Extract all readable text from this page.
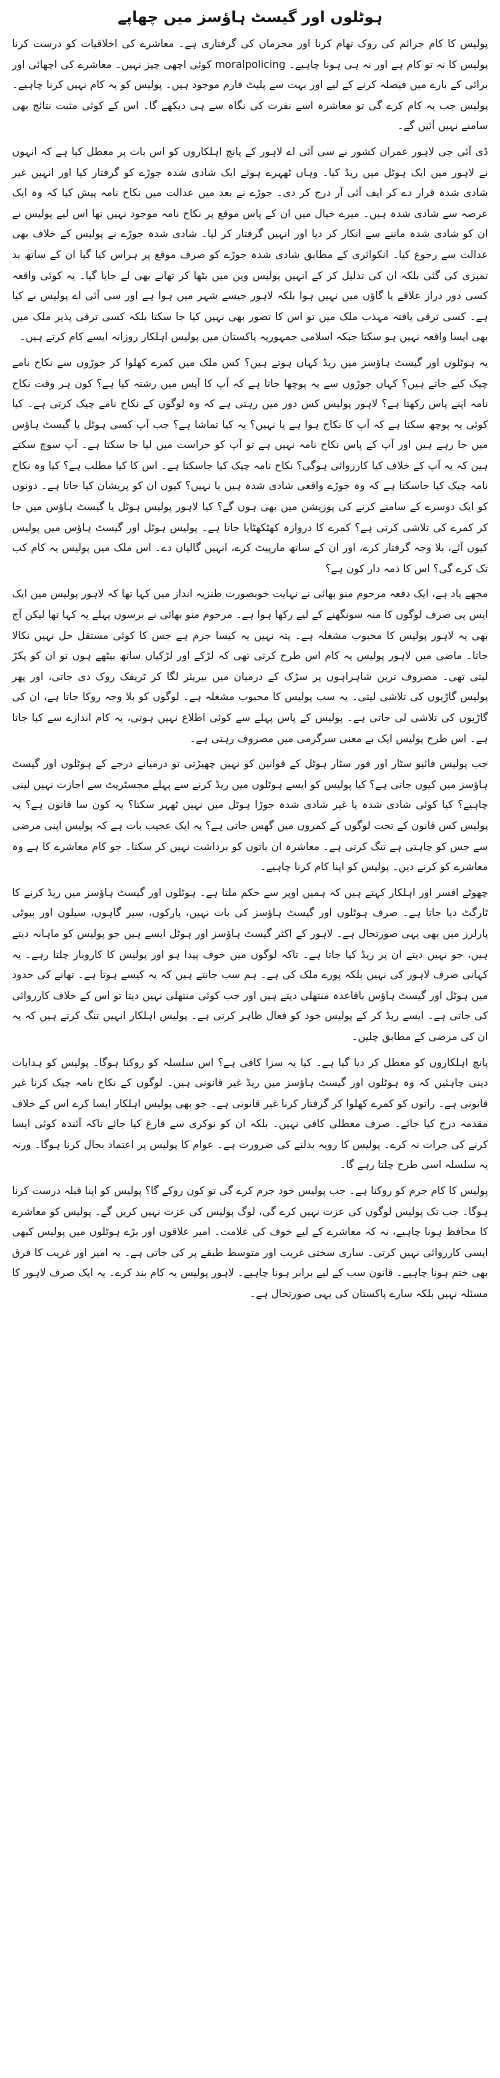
ہوٹلوں اور گیسٹ ہاؤسز میں چھاپے

پولیس کا کام جرائم کی روک تھام کرنا اور مجرمان کی گرفتاری ہے۔ معاشرے کی اخلاقیات کو درست کرنا پولیس کا نہ تو کام ہے اور نہ ہی ہونا چاہیے۔ moralpolicing کوئی اچھی چیز نہیں۔ معاشرے کی اچھائی اور برائی کے بارے میں فیصلہ کرنے کے لیے اور بہت سے پلیٹ فارم موجود ہیں۔ پولیس کو یہ کام نہیں کرنا چاہیے۔ پولیس جب یہ کام کرے گی تو معاشرہ اسے نفرت کی نگاہ سے ہی دیکھے گا۔ اس کے کوئی مثبت نتائج بھی سامنے نہیں آئیں گے۔

ڈی آئی جی لاہور عمران کشور نے سی آئی اے لاہور کے پانچ اہلکاروں کو اس بات پر معطل کیا ہے کہ انہوں نے لاہور میں ایک ہوٹل میں ریڈ کیا۔ وہاں ٹھہرے ہوئے ایک شادی شدہ جوڑے کو گرفتار کیا اور انہیں غیر شادی شدہ قرار دے کر ایف آئی آر درج کر دی۔ جوڑے نے بعد میں عدالت میں نکاح نامہ پیش کیا کہ وہ ایک عرصہ سے شادی شدہ ہیں۔ میرے خیال میں ان کے پاس موقع پر نکاح نامہ موجود نہیں تھا اس لیے پولیس نے ان کو شادی شدہ ماننے سے انکار کر دیا اور انہیں گرفتار کر لیا۔ شادی شدہ جوڑے نے پولیس کے خلاف بھی عدالت سے رجوع کیا۔ انکوائری کے مطابق شادی شدہ جوڑے کو صرف موقع پر ہراس کیا گیا ان کے ساتھ بد تمیزی کی گئی بلکہ ان کی تذلیل کر کے انہیں پولیس وین میں بٹھا کر تھانے بھی لے جایا گیا۔ یہ کوئی واقعہ کسی دور دراز علاقے یا گاؤں میں نہیں ہوا بلکہ لاہور جیسے شہر میں ہوا ہے اور سی آئی اے پولیس نے کیا ہے۔ کسی ترقی یافتہ مہذب ملک میں تو اس کا تصور بھی نہیں کیا جا سکتا بلکہ کسی ترقی پذیر ملک میں بھی ایسا واقعہ نہیں ہو سکتا جبکہ اسلامی جمہوریہ پاکستان میں پولیس اہلکار روزانہ ایسے کام کرتے ہیں۔

یہ ہوٹلوں اور گیسٹ ہاؤسز میں ریڈ کہاں ہوتے ہیں؟ کس ملک میں کمرے کھلوا کر جوڑوں سے نکاح نامے چیک کیے جاتے ہیں؟ کہاں جوڑوں سے یہ پوچھا جاتا ہے کہ آپ کا آپس میں رشتہ کیا ہے؟ کون ہر وقت نکاح نامہ اپنے پاس رکھتا ہے؟ لاہور پولیس کس دور میں رہتی ہے کہ وہ لوگوں کے نکاح نامے چیک کرتی ہے۔ کیا کوئی یہ پوچھ سکتا ہے کہ آپ کا نکاح ہوا ہے یا نہیں؟ یہ کیا تماشا ہے؟ جب آپ کسی ہوٹل یا گیسٹ ہاؤس میں جا رہے ہیں اور آپ کے پاس نکاح نامہ نہیں ہے تو آپ کو حراست میں لیا جا سکتا ہے۔ آپ سوچ سکتے ہیں کہ یہ آپ کے خلاف کیا کارروائی ہوگی؟ نکاح نامہ چیک کیا جاسکتا ہے۔ اس کا کیا مطلب ہے؟ کیا وہ نکاح نامہ چیک کیا جاسکتا ہے کہ وہ جوڑے واقعی شادی شدہ ہیں یا نہیں؟ کیوں ان کو پریشان کیا جاتا ہے۔ دونوں کو ایک دوسرے کے سامنے کرنے کی پوزیشن میں بھی ہوں گے؟ کیا لاہور پولیس ہوٹل یا گیسٹ ہاؤس میں جا کر کمرے کی تلاشی کرتی ہے؟ کمرے کا دروازہ کھٹکھٹایا جاتا ہے۔ پولیس ہوٹل اور گیسٹ ہاؤس میں پولیس کیوں آئے، بلا وجہ گرفتار کرے، اور ان کے ساتھ مارپیٹ کرے، انہیں گالیاں دے۔ اس ملک میں پولیس یہ کام کب تک کرے گی؟ اس کا ذمہ دار کون ہے؟

مجھے یاد ہے، ایک دفعہ مرحوم منو بھائی نے نہایت خوبصورت طنزیہ انداز میں کہا تھا کہ لاہور پولیس میں ایک ایس پی صرف لوگوں کا منہ سونگھنے کے لیے رکھا ہوا ہے۔ مرحوم منو بھائی نے برسوں پہلے یہ کہا تھا لیکن آج بھی یہ لاہور پولیس کا محبوب مشغلہ ہے۔ پتہ نہیں یہ کیسا جرم ہے جس کا کوئی مستقل حل نہیں نکالا جاتا۔ ماضی میں لاہور پولیس یہ کام اس طرح کرتی تھی کہ لڑکے اور لڑکیاں ساتھ بیٹھے ہوں تو ان کو پکڑ لیتی تھی۔ مصروف ترین شاہراہوں پر سڑک کے درمیان میں بیریئر لگا کر ٹریفک روک دی جاتی، اور پھر پولیس گاڑیوں کی تلاشی لیتی۔ یہ سب پولیس کا محبوب مشغلہ ہے۔ لوگوں کو بلا وجہ روکا جاتا ہے، ان کی گاڑیوں کی تلاشی لی جاتی ہے۔ پولیس کے پاس پہلے سے کوئی اطلاع نہیں ہوتی، یہ کام اندازے سے کیا جاتا ہے۔ اس طرح پولیس ایک بے معنی سرگرمی میں مصروف رہتی ہے۔

جب پولیس فائیو سٹار اور فور سٹار ہوٹل کے قوانین کو نہیں چھیڑتی تو درمیانے درجے کے ہوٹلوں اور گیسٹ ہاؤسز میں کیوں جاتی ہے؟ کیا پولیس کو ایسے ہوٹلوں میں ریڈ کرنے سے پہلے مجسٹریٹ سے اجازت نہیں لینی چاہیے؟ کیا کوئی شادی شدہ یا غیر شادی شدہ جوڑا ہوٹل میں نہیں ٹھہر سکتا؟ یہ کون سا قانون ہے؟ یہ پولیس کس قانون کے تحت لوگوں کے کمروں میں گھس جاتی ہے؟ یہ ایک عجیب بات ہے کہ پولیس اپنی مرضی سے جس کو چاہتی ہے تنگ کرتی ہے۔ معاشرہ ان باتوں کو برداشت نہیں کر سکتا۔ جو کام معاشرے کا ہے وہ معاشرے کو کرنے دیں۔ پولیس کو اپنا کام کرنا چاہیے۔

چھوٹے افسر اور اہلکار کہتے ہیں کہ ہمیں اوپر سے حکم ملتا ہے۔ ہوٹلوں اور گیسٹ ہاؤسز میں ریڈ کرنے کا ٹارگٹ دیا جاتا ہے۔ صرف ہوٹلوں اور گیسٹ ہاؤسز کی بات نہیں، پارکوں، سیر گاہوں، سیلون اور بیوٹی پارلرز میں بھی یہی صورتحال ہے۔ لاہور کے اکثر گیسٹ ہاؤسز اور ہوٹل ایسے ہیں جو پولیس کو ماہانہ دیتے ہیں، جو نہیں دیتے ان پر ریڈ کیا جاتا ہے۔ تاکہ لوگوں میں خوف پیدا ہو اور پولیس کا کاروبار چلتا رہے۔ یہ کہانی صرف لاہور کی نہیں بلکہ پورے ملک کی ہے۔ ہم سب جانتے ہیں کہ یہ کیسے ہوتا ہے۔ تھانے کی حدود میں ہوٹل اور گیسٹ ہاؤس باقاعدہ منتھلی دیتے ہیں اور جب کوئی منتھلی نہیں دیتا تو اس کے خلاف کارروائی کی جاتی ہے۔ ایسے ریڈ کر کے پولیس خود کو فعال ظاہر کرتی ہے۔ پولیس اہلکار انہیں تنگ کرتے ہیں کہ یہ ان کی مرضی کے مطابق چلیں۔

پانچ اہلکاروں کو معطل کر دیا گیا ہے۔ کیا یہ سزا کافی ہے؟ اس سلسلہ کو روکنا ہوگا۔ پولیس کو ہدایات دینی چاہئیں کہ وہ ہوٹلوں اور گیسٹ ہاؤسز میں ریڈ غیر قانونی ہیں۔ لوگوں کے نکاح نامہ چیک کرنا غیر قانونی ہے۔ راتوں کو کمرے کھلوا کر گرفتار کرنا غیر قانونی ہے۔ جو بھی پولیس اہلکار ایسا کرے اس کے خلاف مقدمہ درج کیا جائے۔ صرف معطلی کافی نہیں۔ بلکہ ان کو نوکری سے فارغ کیا جائے تاکہ آئندہ کوئی ایسا کرنے کی جرات نہ کرے۔ پولیس کا رویہ بدلنے کی ضرورت ہے۔ عوام کا پولیس پر اعتماد بحال کرنا ہوگا۔ ورنہ یہ سلسلہ اسی طرح چلتا رہے گا۔

پولیس کا کام جرم کو روکنا ہے۔ جب پولیس خود جرم کرے گی تو کون روکے گا؟ پولیس کو اپنا قبلہ درست کرنا ہوگا۔ جب تک پولیس لوگوں کی عزت نہیں کرے گی، لوگ پولیس کی عزت نہیں کریں گے۔ پولیس کو معاشرے کا محافظ ہونا چاہیے، نہ کہ معاشرے کے لیے خوف کی علامت۔ امیر علاقوں اور بڑے ہوٹلوں میں پولیس کبھی ایسی کارروائی نہیں کرتی۔ ساری سختی غریب اور متوسط طبقے پر کی جاتی ہے۔ یہ امیر اور غریب کا فرق بھی ختم ہونا چاہیے۔ قانون سب کے لیے برابر ہونا چاہیے۔ لاہور پولیس یہ کام بند کرے۔ یہ ایک صرف لاہور کا مسئلہ نہیں بلکہ سارے پاکستان کی یہی صورتحال ہے۔
